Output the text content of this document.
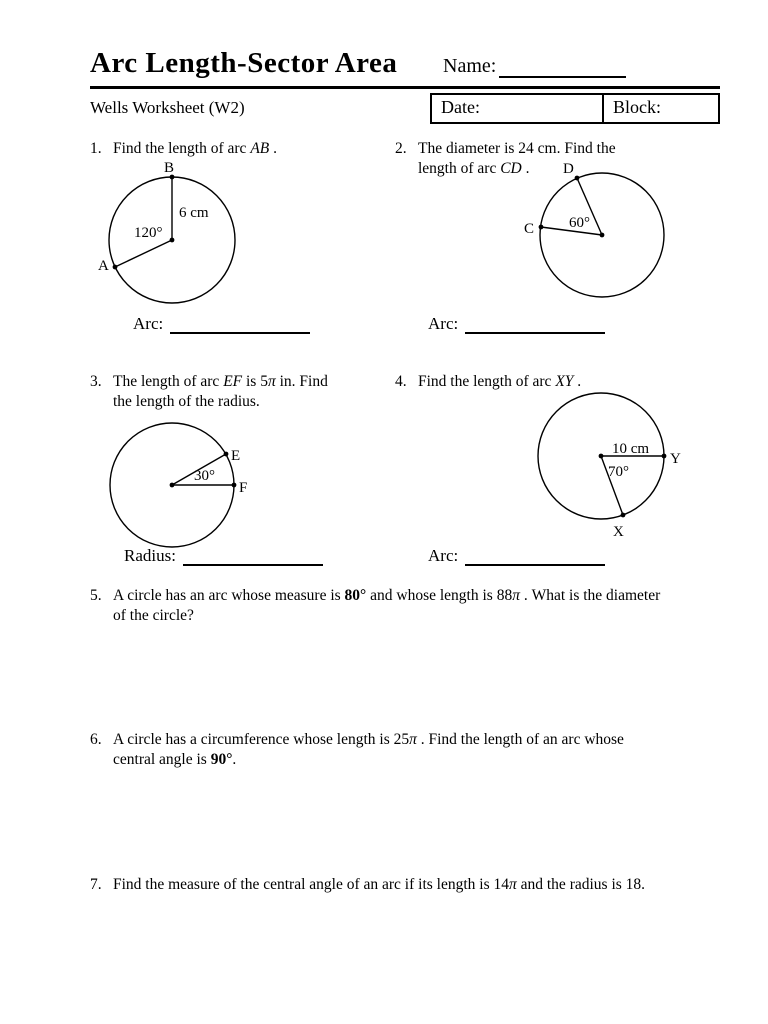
Arc Length-Sector Area Name:
Wells Worksheet (W2)	Date:	Block:
1. Find the length of arc AB .	2. The diameter is 24 cm. Find the
length of arc CD .
B
6 cm
120°
A
D
C 60°
Arc:	Arc:
3. The length of arc EF is 5π in. Find
the length of the radius.
4. Find the length of arc XY .
E
F
30°
Y
X
10 cm
70°
Radius:	Arc:
5. A circle has an arc whose measure is 80° and whose length is 88π . What is the diameter
of the circle?
6. A circle has a circumference whose length is 25π . Find the length of an arc whose
central angle is 90°.
7. Find the measure of the central angle of an arc if its length is 14π and the radius is 18.
